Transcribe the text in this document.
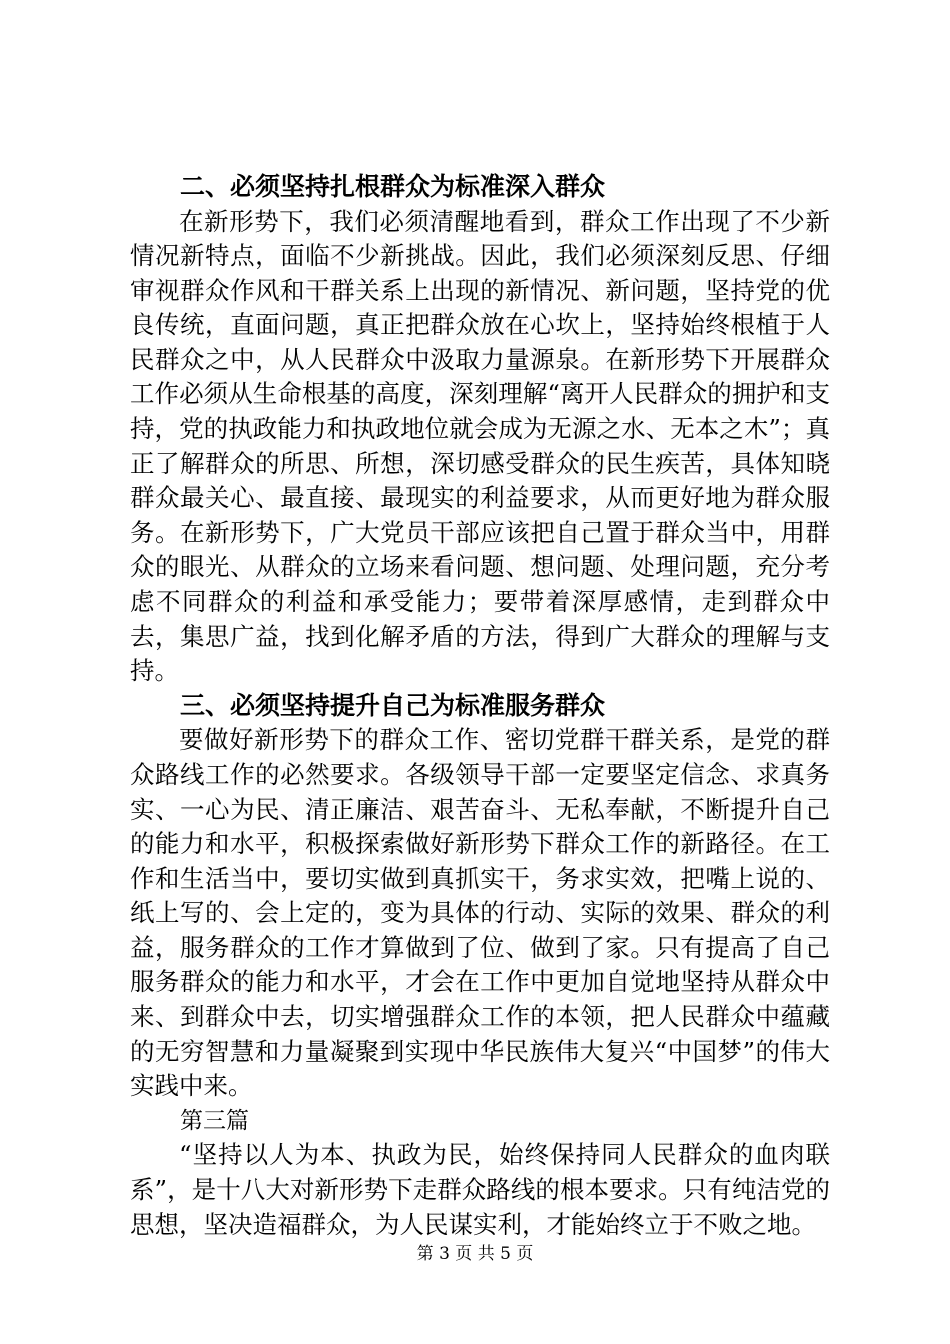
二、必须坚持扎根群众为标准深入群众

在新形势下，我们必须清醒地看到，群众工作出现了不少新情况新特点，面临不少新挑战。因此，我们必须深刻反思、仔细审视群众作风和干群关系上出现的新情况、新问题，坚持党的优良传统，直面问题，真正把群众放在心坎上，坚持始终根植于人民群众之中，从人民群众中汲取力量源泉。在新形势下开展群众工作必须从生命根基的高度，深刻理解“离开人民群众的拥护和支持，党的执政能力和执政地位就会成为无源之水、无本之木”；真正了解群众的所思、所想，深切感受群众的民生疾苦，具体知晓群众最关心、最直接、最现实的利益要求，从而更好地为群众服务。在新形势下，广大党员干部应该把自己置于群众当中，用群众的眼光、从群众的立场来看问题、想问题、处理问题，充分考虑不同群众的利益和承受能力；要带着深厚感情，走到群众中去，集思广益，找到化解矛盾的方法，得到广大群众的理解与支持。

三、必须坚持提升自己为标准服务群众

要做好新形势下的群众工作、密切党群干群关系，是党的群众路线工作的必然要求。各级领导干部一定要坚定信念、求真务实、一心为民、清正廉洁、艰苦奋斗、无私奉献，不断提升自己的能力和水平，积极探索做好新形势下群众工作的新路径。在工作和生活当中，要切实做到真抓实干，务求实效，把嘴上说的、纸上写的、会上定的，变为具体的行动、实际的效果、群众的利益，服务群众的工作才算做到了位、做到了家。只有提高了自己服务群众的能力和水平，才会在工作中更加自觉地坚持从群众中来、到群众中去，切实增强群众工作的本领，把人民群众中蕴藏的无穷智慧和力量凝聚到实现中华民族伟大复兴“中国梦”的伟大实践中来。

第三篇

“坚持以人为本、执政为民，始终保持同人民群众的血肉联系”，是十八大对新形势下走群众路线的根本要求。只有纯洁党的思想，坚决造福群众，为人民谋实利，才能始终立于不败之地。

第 3 页 共 5 页
